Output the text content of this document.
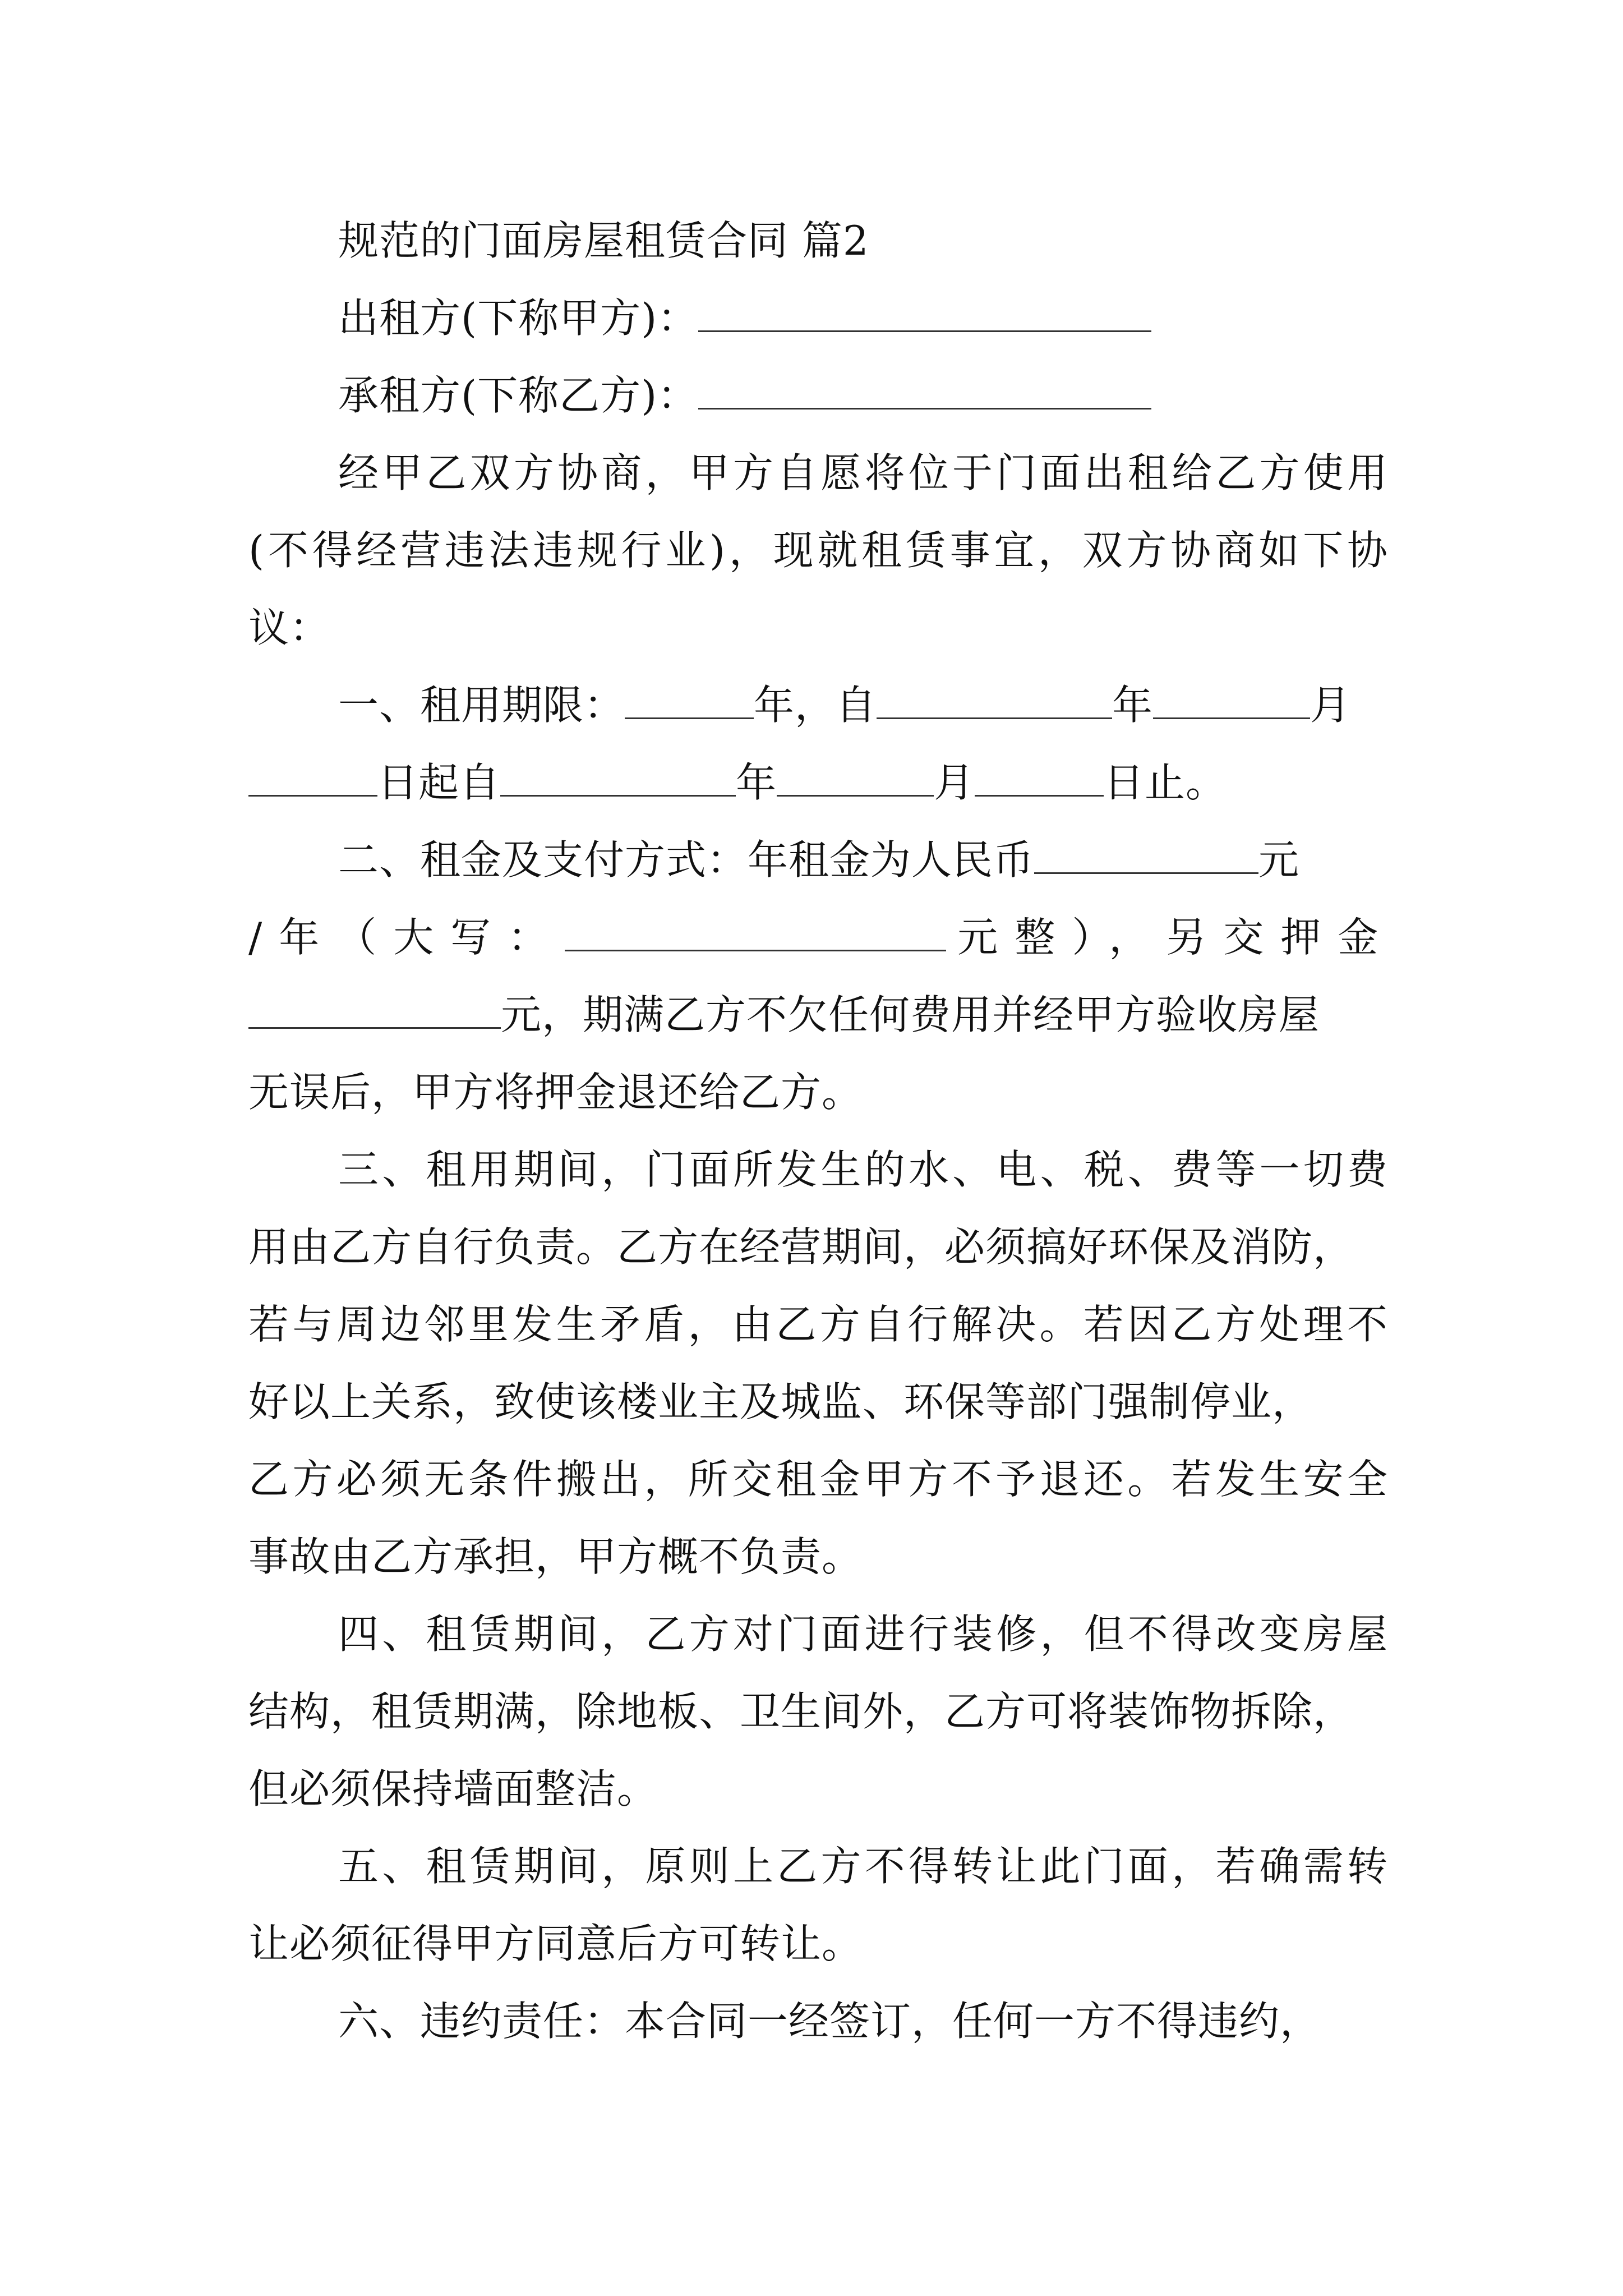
规范的门面房屋租赁合同 篇2
出租方(下称甲方)：
承租方(下称乙方)：
经甲乙双方协商，甲方自愿将位于门面出租给乙方使用
(不得经营违法违规行业)，现就租赁事宜，双方协商如下协
议：
一、租用期限：	年，自	年	月
日起自	年	月	日止。
二、租金及支付方式：年租金为人民币	元
/年（大写：	元整），另交押金
元，期满乙方不欠任何费用并经甲方验收房屋
无误后，甲方将押金退还给乙方。
三、租用期间，门面所发生的水、电、税、费等一切费
用由乙方自行负责。乙方在经营期间，必须搞好环保及消防，
若与周边邻里发生矛盾，由乙方自行解决。若因乙方处理不
好以上关系，致使该楼业主及城监、环保等部门强制停业，
乙方必须无条件搬出，所交租金甲方不予退还。若发生安全
事故由乙方承担，甲方概不负责。
四、租赁期间，乙方对门面进行装修，但不得改变房屋
结构，租赁期满，除地板、卫生间外，乙方可将装饰物拆除，
但必须保持墙面整洁。
五、租赁期间，原则上乙方不得转让此门面，若确需转
让必须征得甲方同意后方可转让。
六、违约责任：本合同一经签订，任何一方不得违约，
